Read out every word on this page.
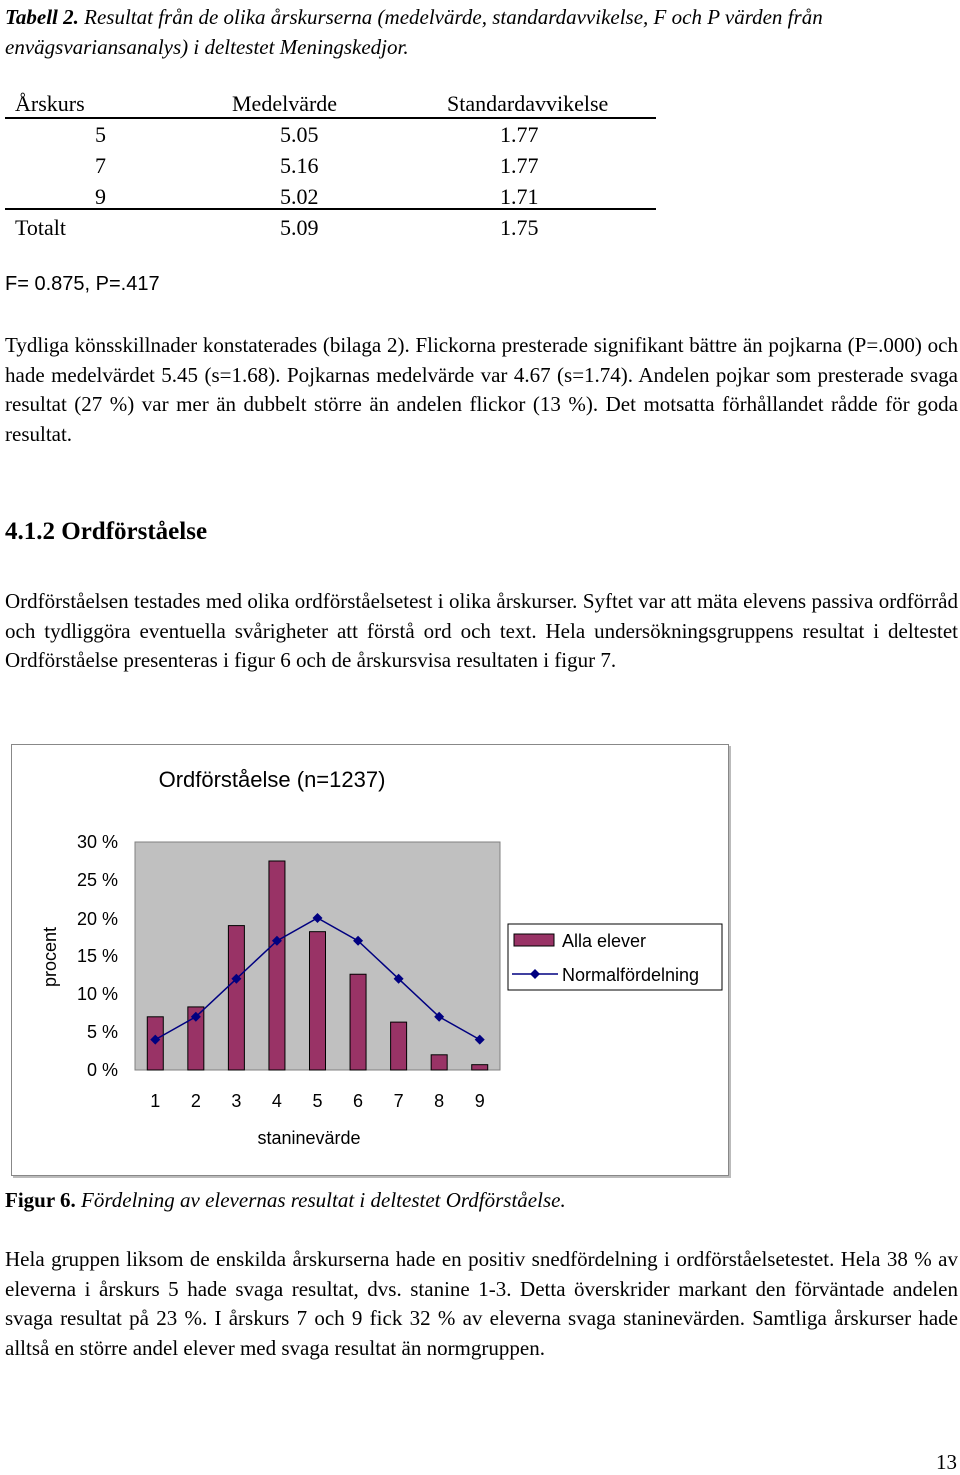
Tabell 2. Resultat från de olika årskurserna (medelvärde, standardavvikelse, F och P värden från envägsvariansanalys) i deltestet Meningskedjor.
Årskurs	Medelvärde	Standardavvikelse
5	5.05	1.77
7	5.16	1.77
9	5.02	1.71
Totalt	5.09	1.75
F= 0.875, P=.417
Tydliga könsskillnader konstaterades (bilaga 2). Flickorna presterade signifikant bättre än pojkarna (P=.000) och hade medelvärdet 5.45 (s=1.68). Pojkarnas medelvärde var 4.67 (s=1.74). Andelen pojkar som presterade svaga resultat (27 %) var mer än dubbelt större än andelen flickor (13 %). Det motsatta förhållandet rådde för goda resultat.
4.1.2 Ordförståelse
Ordförståelsen testades med olika ordförståelsetest i olika årskurser. Syftet var att mäta elevens passiva ordförråd och tydliggöra eventuella svårigheter att förstå ord och text. Hela undersökningsgruppens resultat i deltestet Ordförståelse presenteras i figur 6 och de årskursvisa resultaten i figur 7.
Ordförståelse (n=1237)
procent
staninevärde
0 %
5 %
10 %
15 %
20 %
25 %
30 %
1 2 3 4 5 6 7 8 9
Alla elever
Normalfördelning
Figur 6. Fördelning av elevernas resultat i deltestet Ordförståelse.
Hela gruppen liksom de enskilda årskurserna hade en positiv snedfördelning i ordförståelsetestet. Hela 38 % av eleverna i årskurs 5 hade svaga resultat, dvs. stanine 1-3. Detta överskrider markant den förväntade andelen svaga resultat på 23 %. I årskurs 7 och 9 fick 32 % av eleverna svaga staninevärden. Samtliga årskurser hade alltså en större andel elever med svaga resultat än normgruppen.
13
